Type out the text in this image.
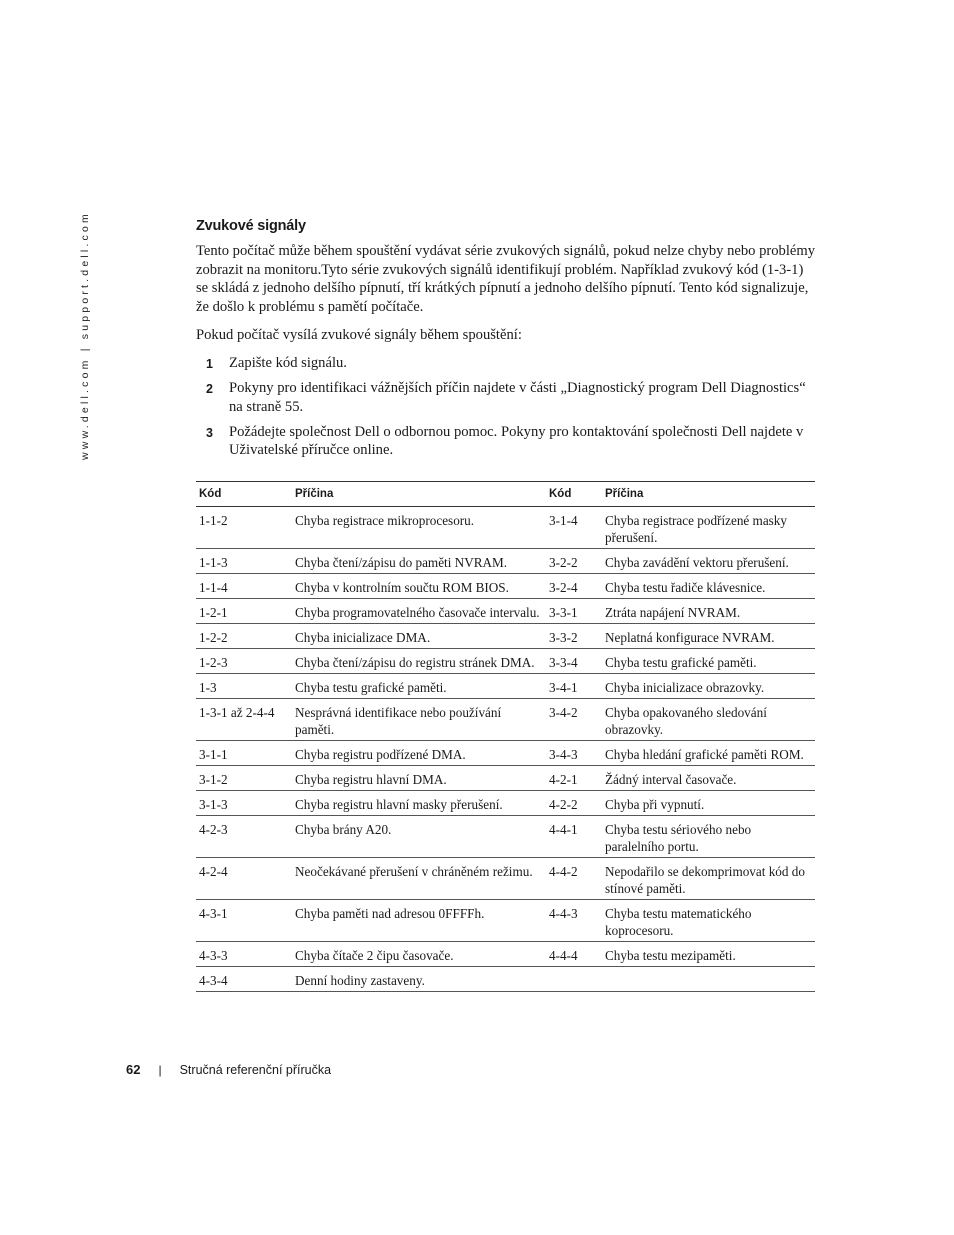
www.dell.com | support.dell.com	Zvukové signály

Tento počítač může během spouštění vydávat série zvukových signálů, pokud nelze chyby nebo problémy zobrazit na monitoru.Tyto série zvukových signálů identifikují problém. Například zvukový kód (1-3-1) se skládá z jednoho delšího pípnutí, tří krátkých pípnutí a jednoho delšího pípnutí. Tento kód signalizuje, že došlo k problému s pamětí počítače.

Pokud počítač vysílá zvukové signály během spouštění:

1	Zapište kód signálu.
2	Pokyny pro identifikaci vážnějších příčin najdete v části „Diagnostický program Dell Diagnostics“ na straně 55.
3	Požádejte společnost Dell o odbornou pomoc. Pokyny pro kontaktování společnosti Dell najdete v Uživatelské příručce online.
Kód	Příčina	Kód	Příčina
1-1-2	Chyba registrace mikroprocesoru.	3-1-4	Chyba registrace podřízené masky přerušení.
1-1-3	Chyba čtení/zápisu do paměti NVRAM.	3-2-2	Chyba zavádění vektoru přerušení.
1-1-4	Chyba v kontrolním součtu ROM BIOS.	3-2-4	Chyba testu řadiče klávesnice.
1-2-1	Chyba programovatelného časovače intervalu.	3-3-1	Ztráta napájení NVRAM.
1-2-2	Chyba inicializace DMA.	3-3-2	Neplatná konfigurace NVRAM.
1-2-3	Chyba čtení/zápisu do registru stránek DMA.	3-3-4	Chyba testu grafické paměti.
1-3	Chyba testu grafické paměti.	3-4-1	Chyba inicializace obrazovky.
1-3-1 až 2-4-4	Nesprávná identifikace nebo používání paměti.	3-4-2	Chyba opakovaného sledování obrazovky.
3-1-1	Chyba registru podřízené DMA.	3-4-3	Chyba hledání grafické paměti ROM.
3-1-2	Chyba registru hlavní DMA.	4-2-1	Žádný interval časovače.
3-1-3	Chyba registru hlavní masky přerušení.	4-2-2	Chyba při vypnutí.
4-2-3	Chyba brány A20.	4-4-1	Chyba testu sériového nebo paralelního portu.
4-2-4	Neočekávané přerušení v chráněném režimu.	4-4-2	Nepodařilo se dekomprimovat kód do stínové paměti.
4-3-1	Chyba paměti nad adresou 0FFFFh.	4-4-3	Chyba testu matematického koprocesoru.
4-3-3	Chyba čítače 2 čipu časovače.	4-4-4	Chyba testu mezipaměti.
4-3-4	Denní hodiny zastaveny.		
62 | Stručná referenční příručka
